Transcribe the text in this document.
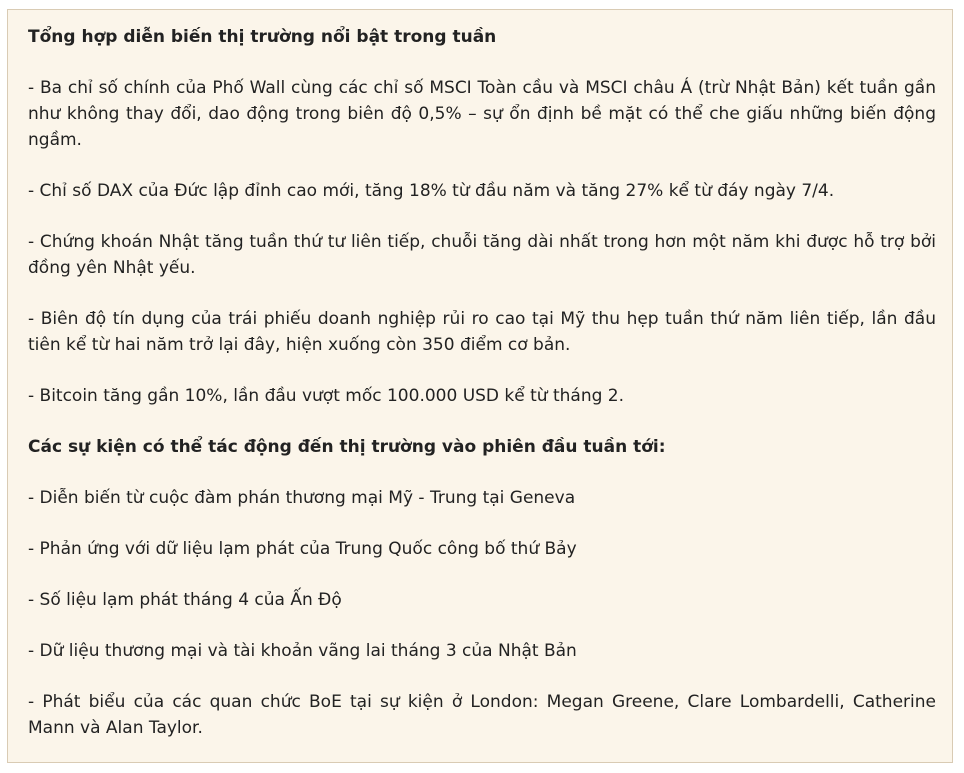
Tổng hợp diễn biến thị trường nổi bật trong tuần
- Ba chỉ số chính của Phố Wall cùng các chỉ số MSCI Toàn cầu và MSCI châu Á (trừ Nhật Bản) kết tuần gần như không thay đổi, dao động trong biên độ 0,5% – sự ổn định bề mặt có thể che giấu những biến động ngầm.
- Chỉ số DAX của Đức lập đỉnh cao mới, tăng 18% từ đầu năm và tăng 27% kể từ đáy ngày 7/4.
- Chứng khoán Nhật tăng tuần thứ tư liên tiếp, chuỗi tăng dài nhất trong hơn một năm khi được hỗ trợ bởi đồng yên Nhật yếu.
- Biên độ tín dụng của trái phiếu doanh nghiệp rủi ro cao tại Mỹ thu hẹp tuần thứ năm liên tiếp, lần đầu tiên kể từ hai năm trở lại đây, hiện xuống còn 350 điểm cơ bản.
- Bitcoin tăng gần 10%, lần đầu vượt mốc 100.000 USD kể từ tháng 2.
Các sự kiện có thể tác động đến thị trường vào phiên đầu tuần tới:
- Diễn biến từ cuộc đàm phán thương mại Mỹ - Trung tại Geneva
- Phản ứng với dữ liệu lạm phát của Trung Quốc công bố thứ Bảy
- Số liệu lạm phát tháng 4 của Ấn Độ
- Dữ liệu thương mại và tài khoản vãng lai tháng 3 của Nhật Bản
- Phát biểu của các quan chức BoE tại sự kiện ở London: Megan Greene, Clare Lombardelli, Catherine Mann và Alan Taylor.
